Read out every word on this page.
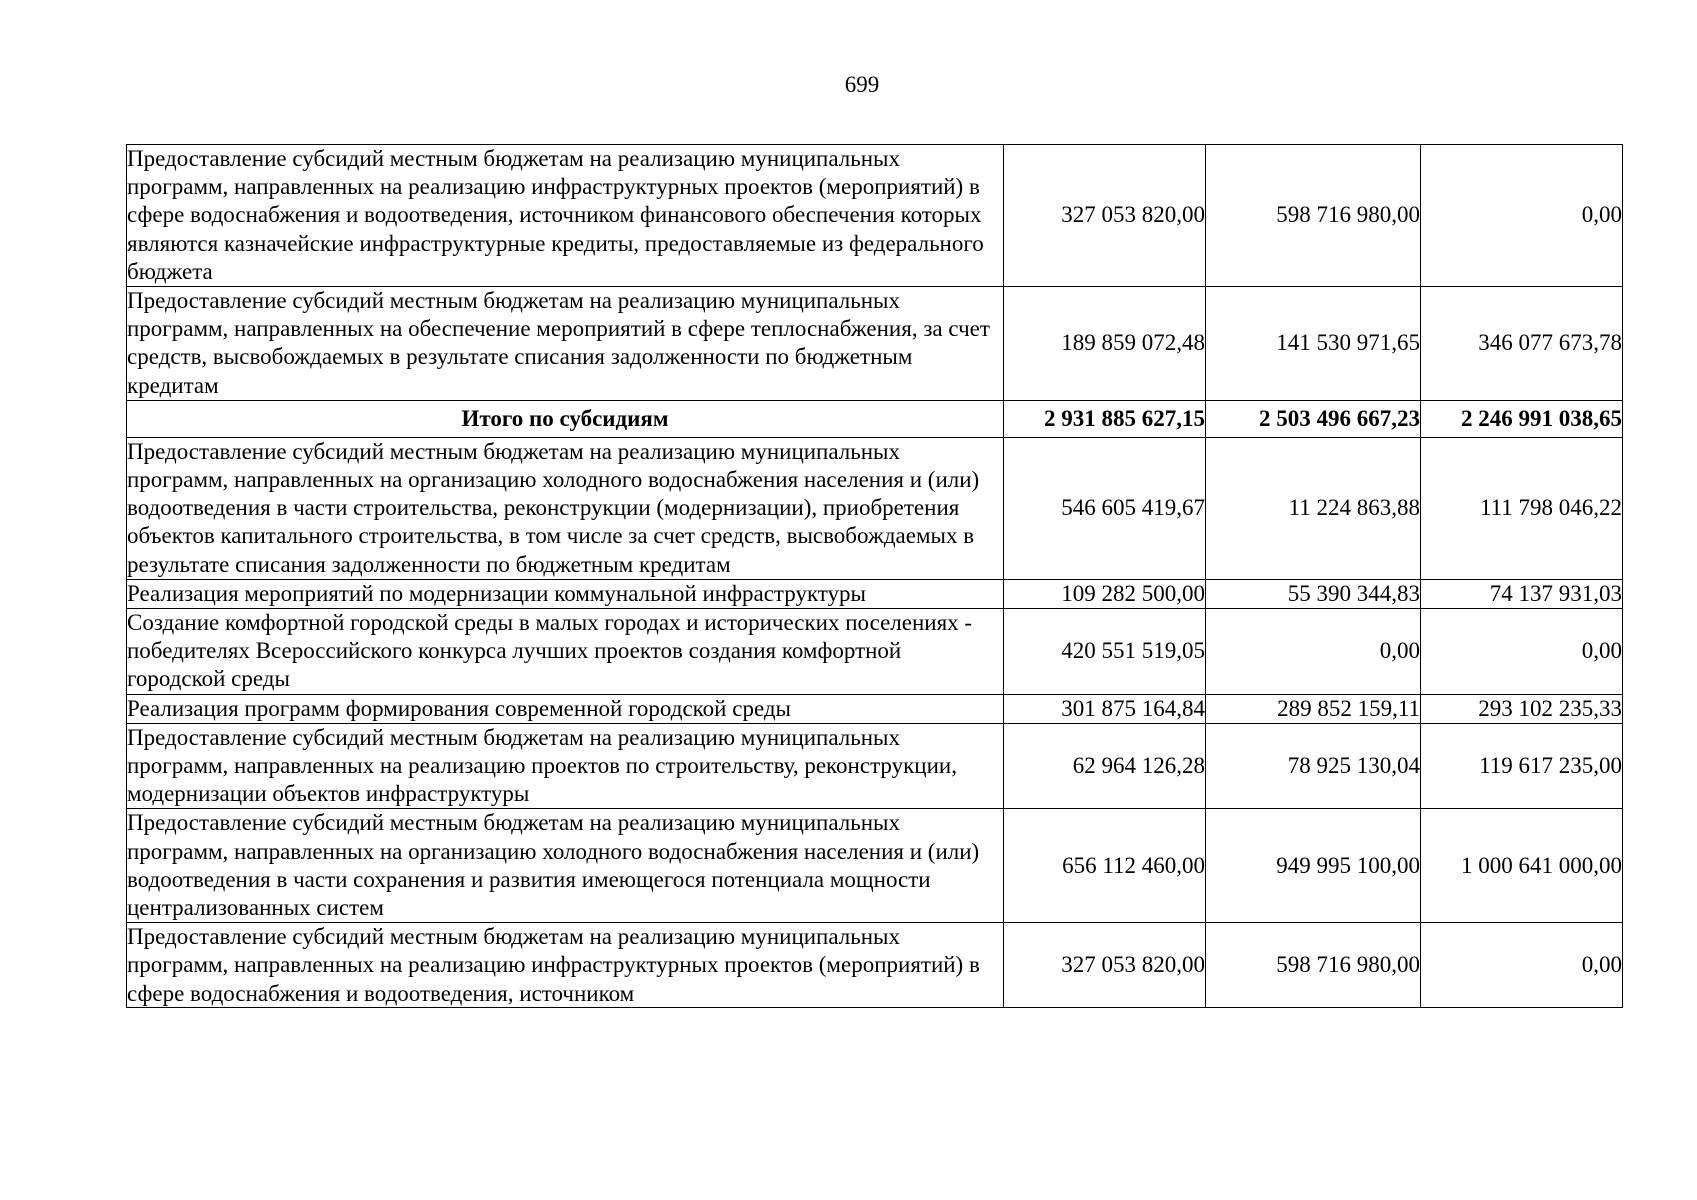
699
Предоставление субсидий местным бюджетам на реализацию муниципальных программ, направленных на реализацию инфраструктурных проектов (мероприятий) в сфере водоснабжения и водоотведения, источником финансового обеспечения которых являются казначейские инфраструктурные кредиты, предоставляемые из федерального бюджета	327 053 820,00	598 716 980,00	0,00
Предоставление субсидий местным бюджетам на реализацию муниципальных программ, направленных на обеспечение мероприятий в сфере теплоснабжения, за счет средств, высвобождаемых в результате списания задолженности по бюджетным кредитам	189 859 072,48	141 530 971,65	346 077 673,78
Итого по субсидиям	2 931 885 627,15	2 503 496 667,23	2 246 991 038,65
Предоставление субсидий местным бюджетам на реализацию муниципальных программ, направленных на организацию холодного водоснабжения населения и (или) водоотведения в части строительства, реконструкции (модернизации), приобретения объектов капитального строительства, в том числе за счет средств, высвобождаемых в результате списания задолженности по бюджетным кредитам	546 605 419,67	11 224 863,88	111 798 046,22
Реализация мероприятий по модернизации коммунальной инфраструктуры	109 282 500,00	55 390 344,83	74 137 931,03
Создание комфортной городской среды в малых городах и исторических поселениях - победителях Всероссийского конкурса лучших проектов создания комфортной городской среды	420 551 519,05	0,00	0,00
Реализация программ формирования современной городской среды	301 875 164,84	289 852 159,11	293 102 235,33
Предоставление субсидий местным бюджетам на реализацию муниципальных программ, направленных на реализацию проектов по строительству, реконструкции, модернизации объектов инфраструктуры	62 964 126,28	78 925 130,04	119 617 235,00
Предоставление субсидий местным бюджетам на реализацию муниципальных программ, направленных на организацию холодного водоснабжения населения и (или) водоотведения в части сохранения и развития имеющегося потенциала мощности централизованных систем	656 112 460,00	949 995 100,00	1 000 641 000,00

Предоставление субсидий местным бюджетам на реализацию муниципальных программ, направленных на реализацию инфраструктурных проектов (мероприятий) в сфере водоснабжения и водоотведения, источником	327 053 820,00	598 716 980,00	0,00
